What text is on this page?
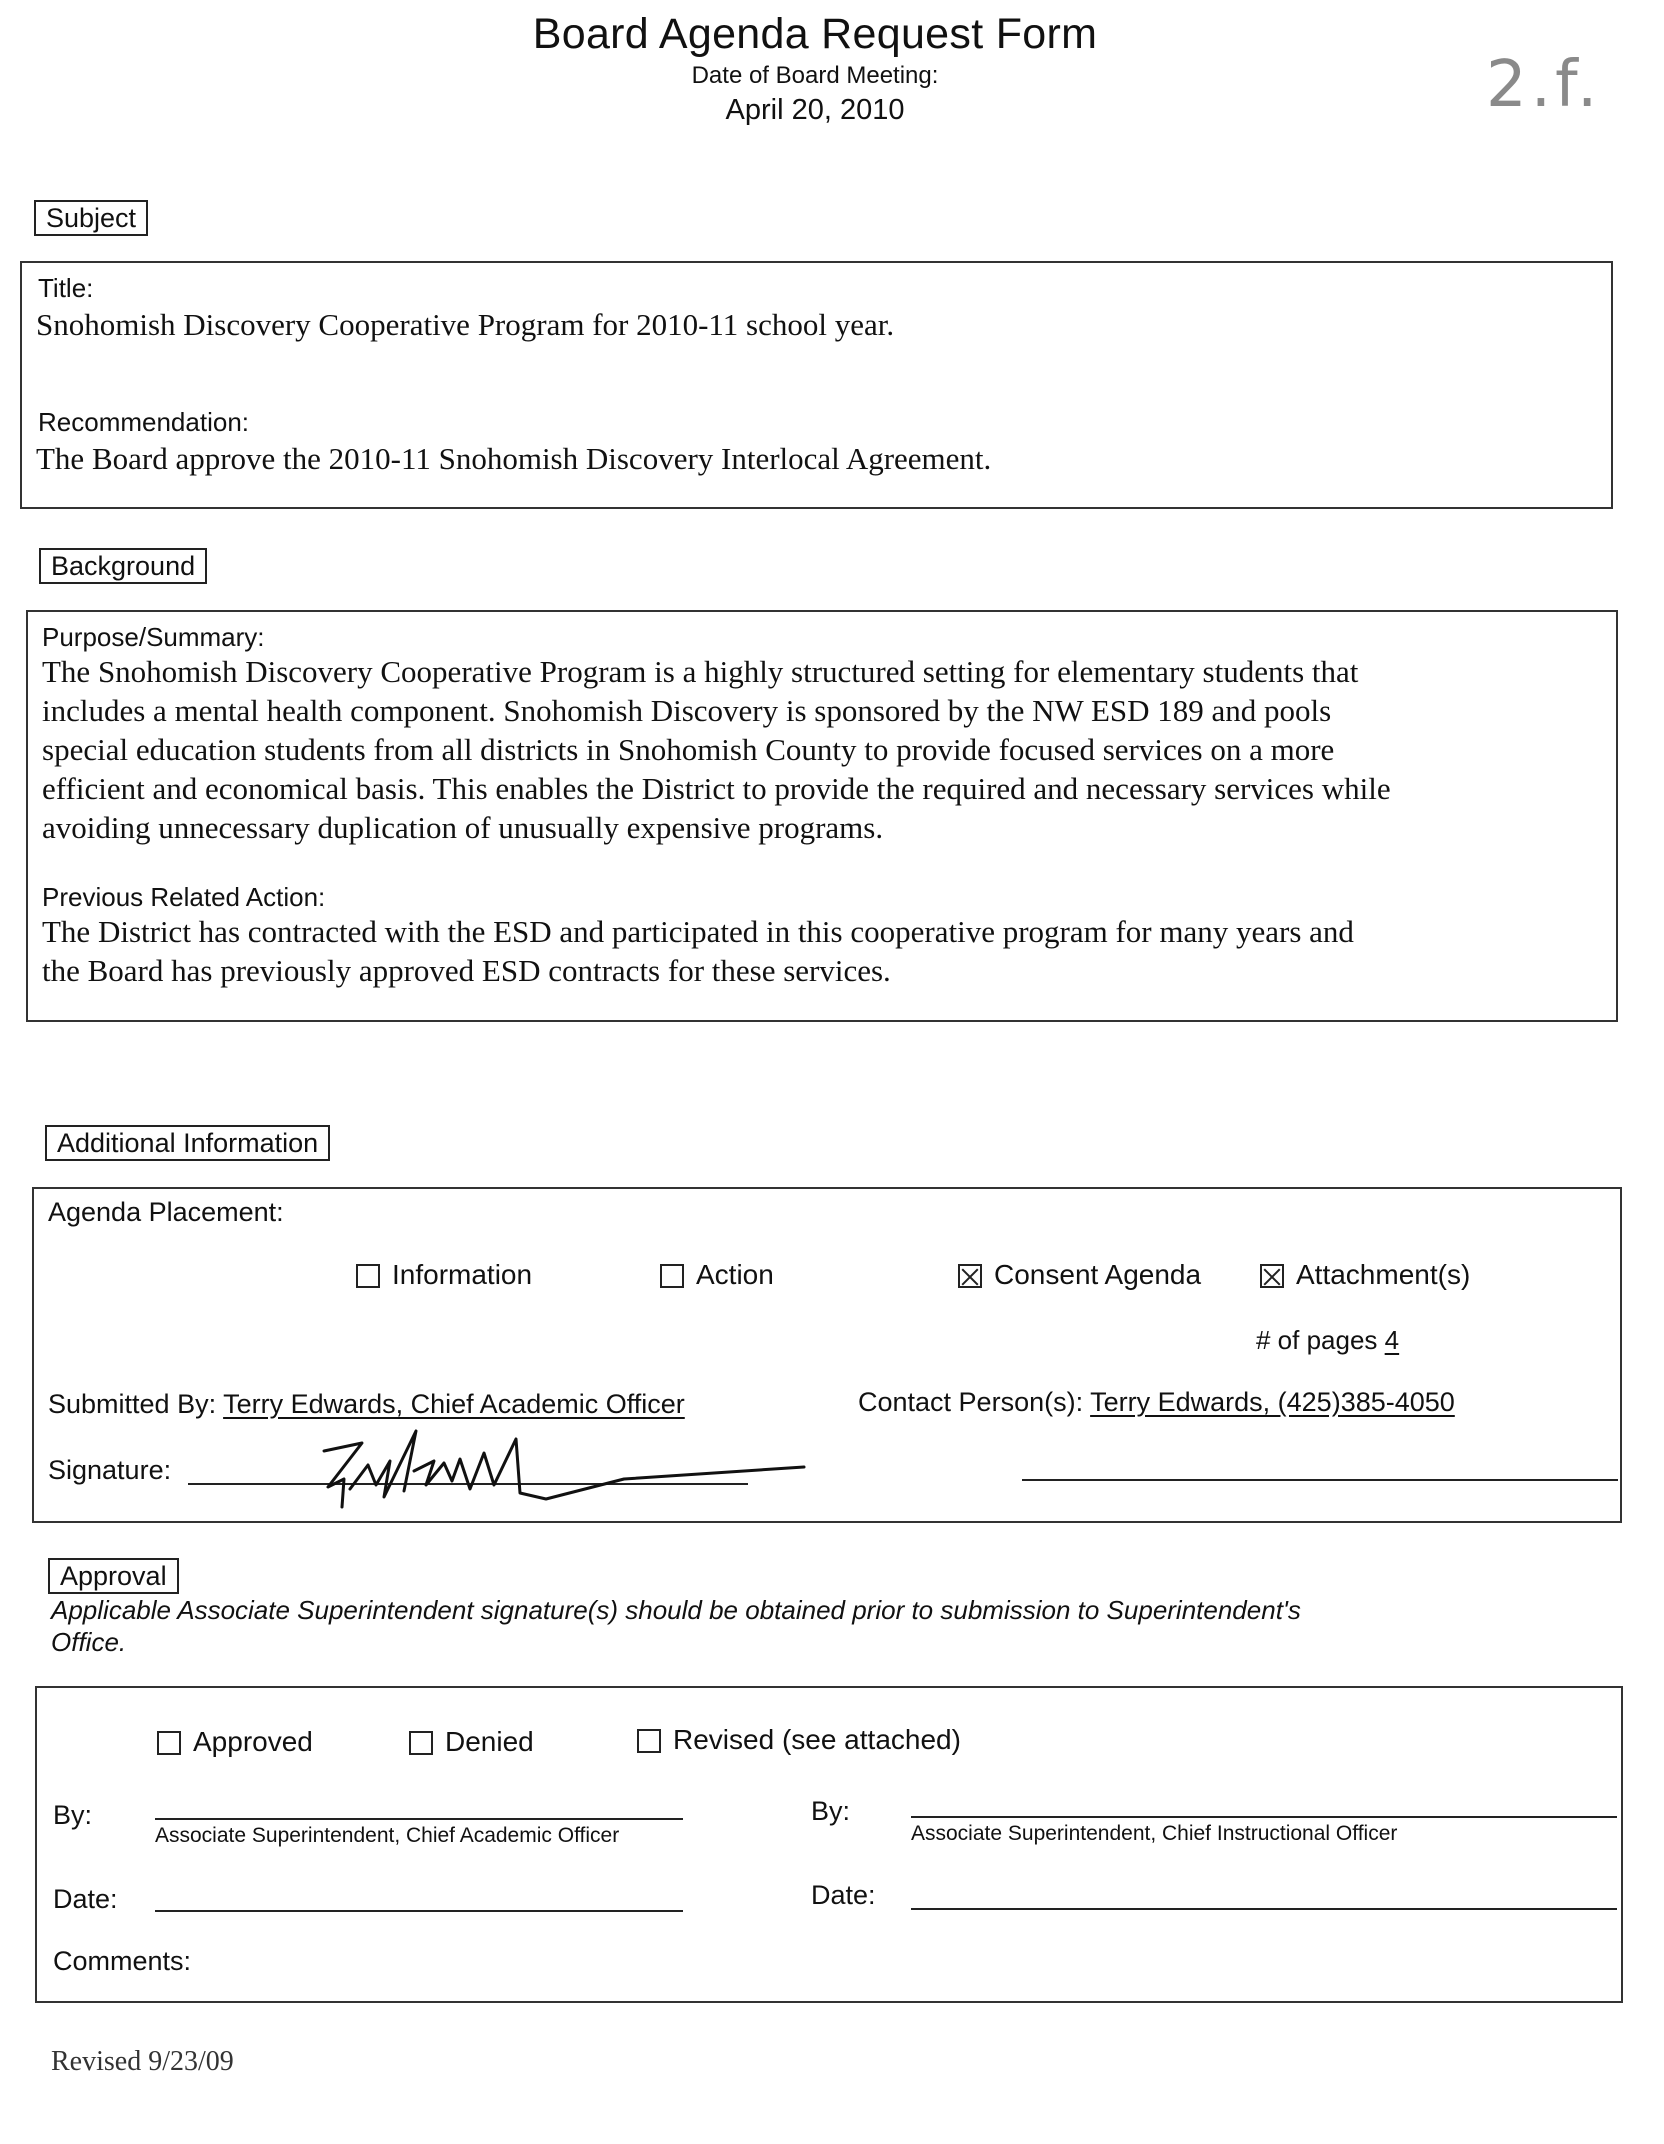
Board Agenda Request Form
Date of Board Meeting:
April 20, 2010	2.f.
Subject
Title:
Snohomish Discovery Cooperative Program for 2010-11 school year.
Recommendation:
The Board approve the 2010-11 Snohomish Discovery Interlocal Agreement.
Background
Purpose/Summary:
The Snohomish Discovery Cooperative Program is a highly structured setting for elementary students that
includes a mental health component. Snohomish Discovery is sponsored by the NW ESD 189 and pools
special education students from all districts in Snohomish County to provide focused services on a more
efficient and economical basis. This enables the District to provide the required and necessary services while
avoiding unnecessary duplication of unusually expensive programs.
Previous Related Action:
The District has contracted with the ESD and participated in this cooperative program for many years and
the Board has previously approved ESD contracts for these services.
Additional Information
Agenda Placement:
Information	Action	Consent Agenda	Attachment(s)
# of pages 4
Submitted By: Terry Edwards, Chief Academic Officer	Contact Person(s): Terry Edwards, (425)385-4050
Signature:
Approval
Applicable Associate Superintendent signature(s) should be obtained prior to submission to Superintendent's
Office.
Approved	Denied	Revised (see attached)
By:
Associate Superintendent, Chief Academic Officer
By:
Associate Superintendent, Chief Instructional Officer
Date:	Date:
Comments:
Revised 9/23/09
